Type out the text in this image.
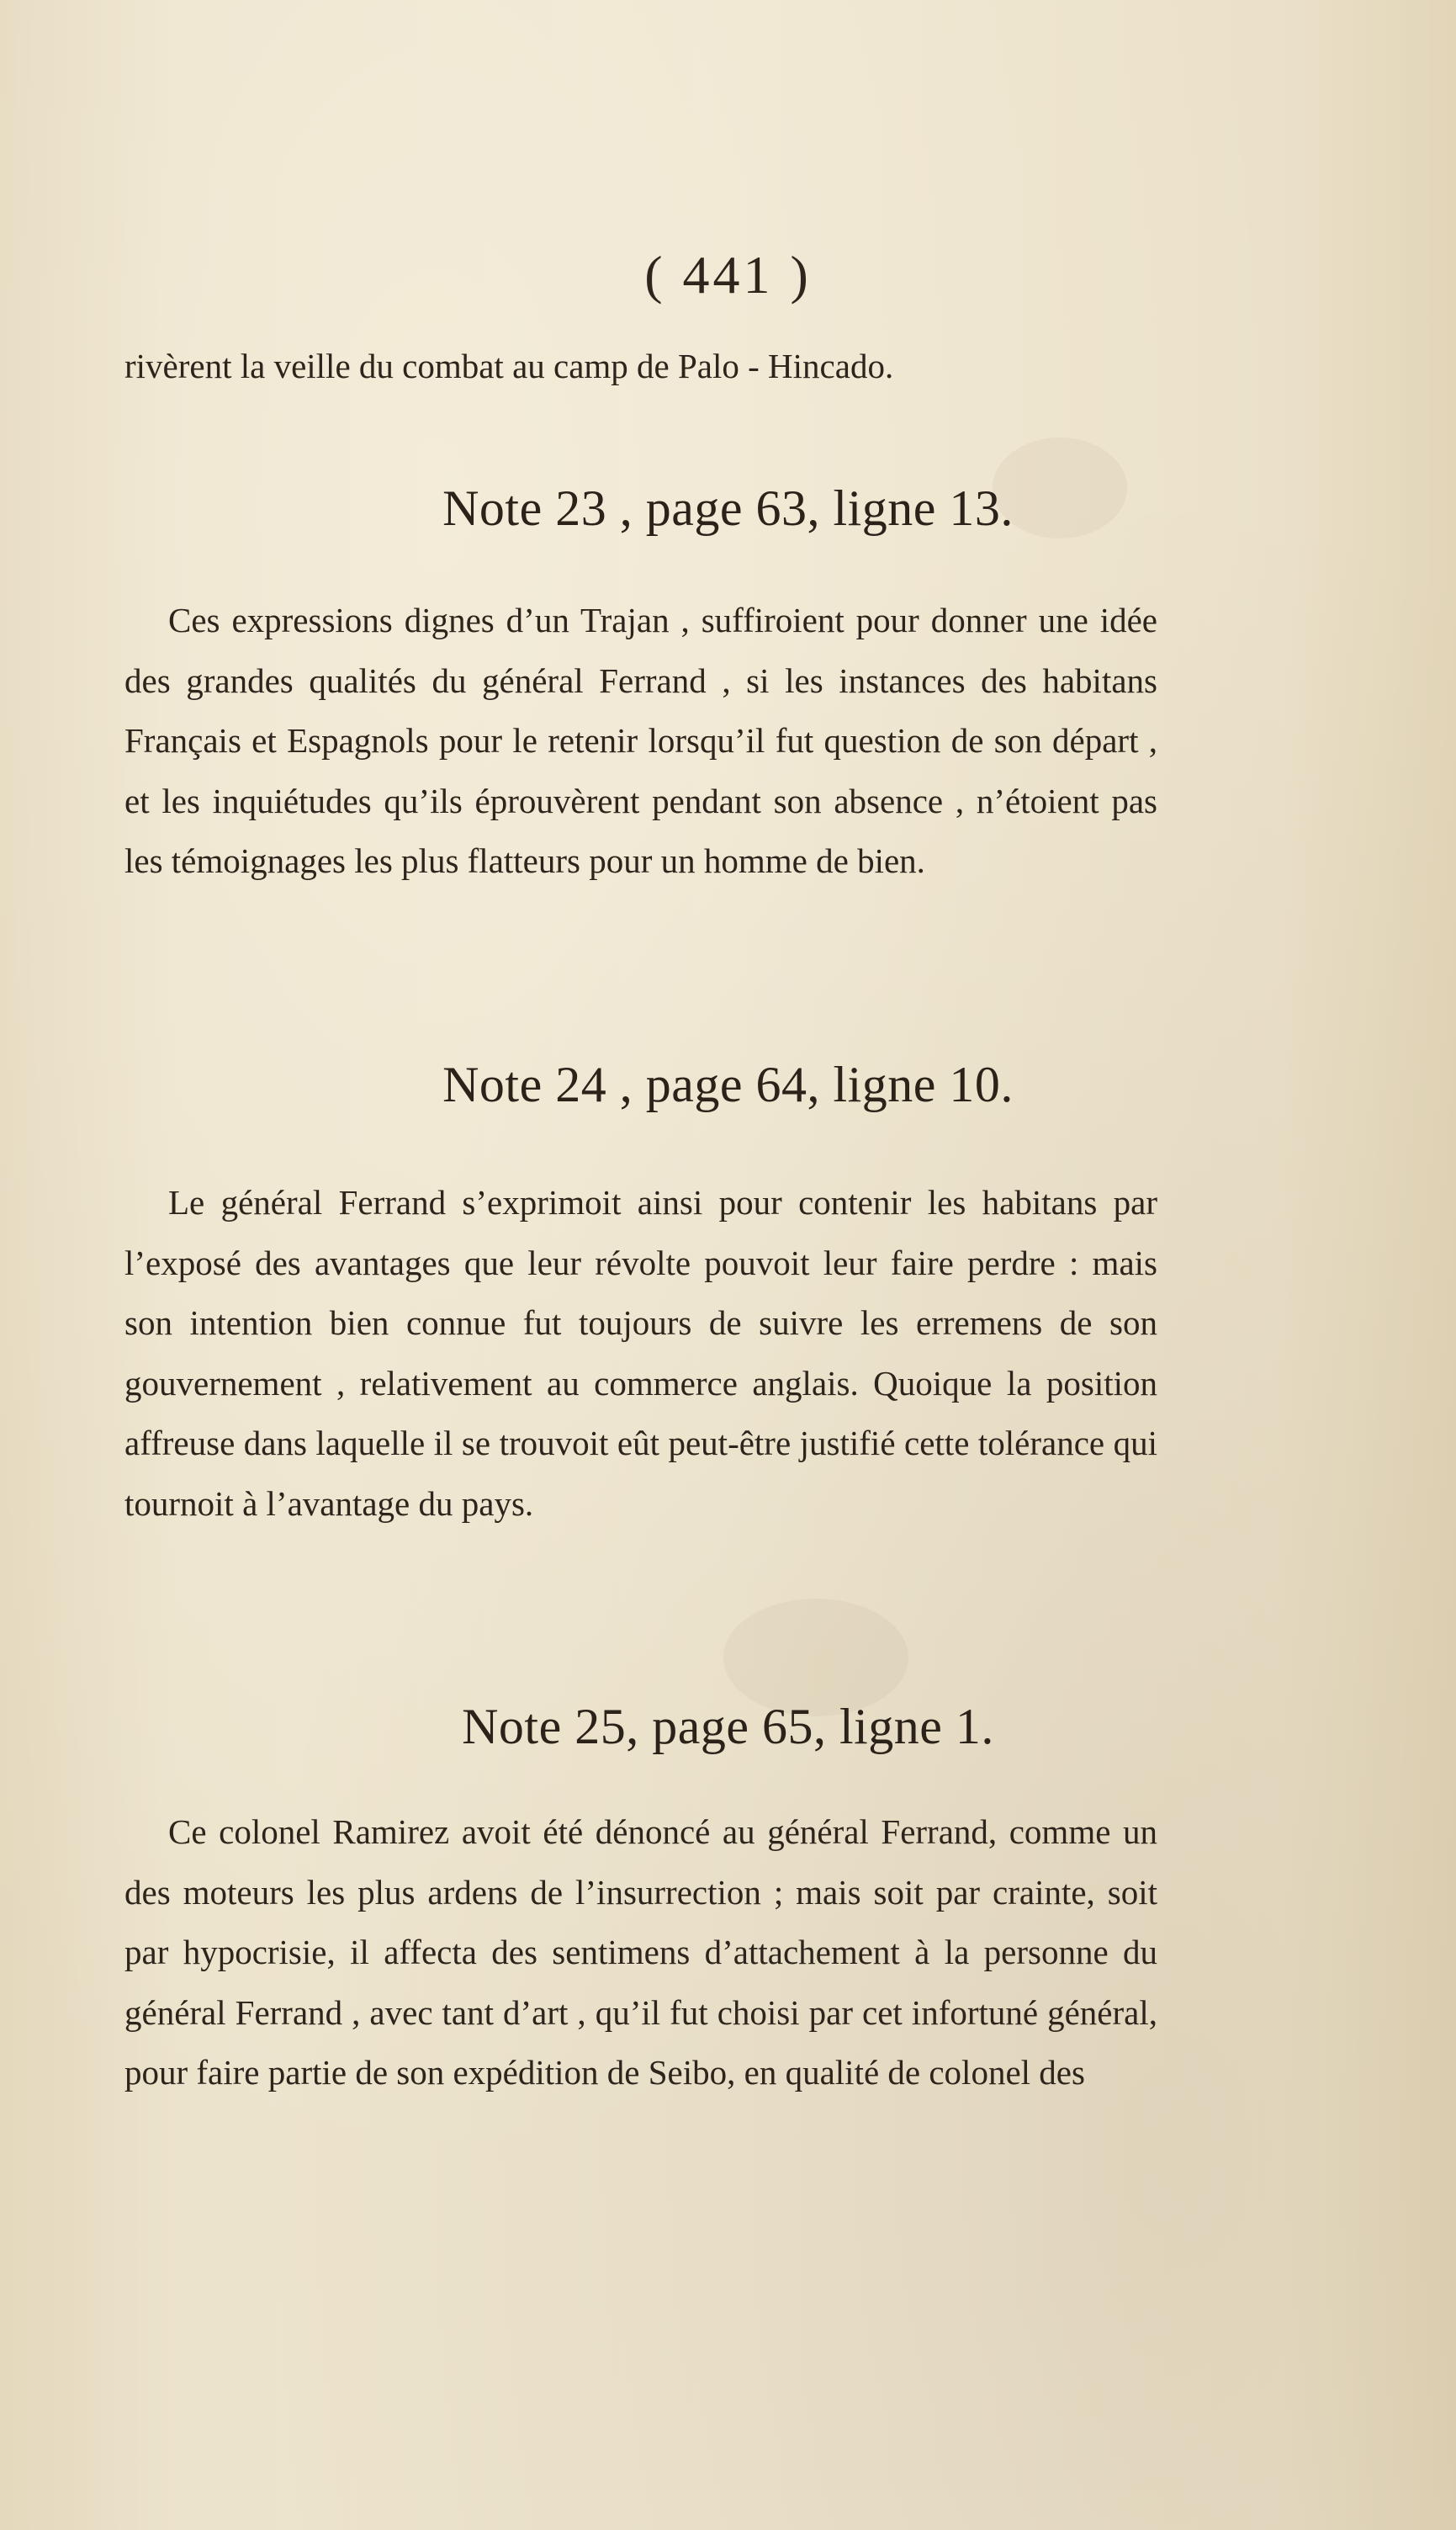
( 441 )

rivèrent la veille du combat au camp de Palo - Hincado.

Note 23 , page 63, ligne 13.

Ces expressions dignes d’un Trajan , suffiroient pour donner une idée des grandes qualités du général Ferrand , si les instances des habitans Français et Espagnols pour le retenir lorsqu’il fut question de son départ , et les inquiétudes qu’ils éprouvèrent pendant son absence , n’étoient pas les témoignages les plus flatteurs pour un homme de bien.

Note 24 , page 64, ligne 10.

Le général Ferrand s’exprimoit ainsi pour contenir les habitans par l’exposé des avantages que leur révolte pouvoit leur faire perdre : mais son intention bien connue fut toujours de suivre les erremens de son gouvernement , relativement au commerce anglais. Quoique la position affreuse dans laquelle il se trouvoit eût peut-être justifié cette tolérance qui tournoit à l’avantage du pays.

Note 25, page 65, ligne 1.

Ce colonel Ramirez avoit été dénoncé au général Ferrand, comme un des moteurs les plus ardens de l’insurrection ; mais soit par crainte, soit par hypocrisie, il affecta des sentimens d’attachement à la personne du général Ferrand , avec tant d’art , qu’il fut choisi par cet infortuné général, pour faire partie de son expédition de Seibo, en qualité de colonel des
